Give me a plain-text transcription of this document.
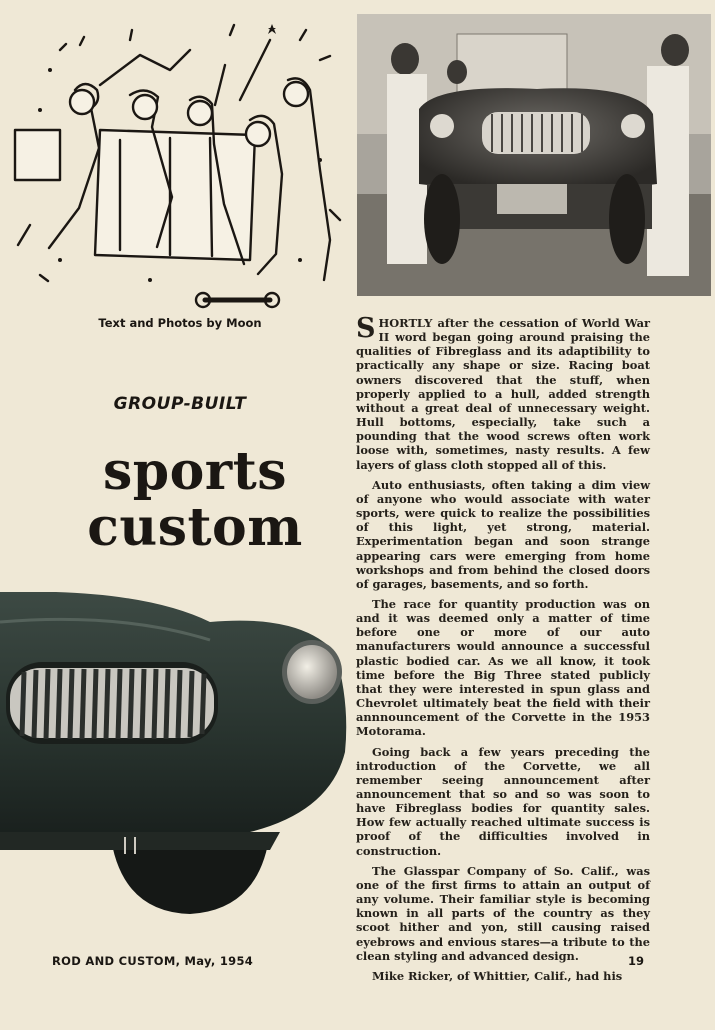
Text and Photos by Moon
GROUP-BUILT
sports
custom

SHORTLY after the cessation of World War II word began going around praising the qualities of Fibreglass and its adaptibility to practically any shape or size. Racing boat owners discovered that the stuff, when properly applied to a hull, added strength without a great deal of unnecessary weight. Hull bottoms, especially, take such a pounding that the wood screws often work loose with, sometimes, nasty results. A few layers of glass cloth stopped all of this.

Auto enthusiasts, often taking a dim view of anyone who would associate with water sports, were quick to realize the possibilities of this light, yet strong, material. Experimentation began and soon strange appearing cars were emerging from home workshops and from behind the closed doors of garages, basements, and so forth.

The race for quantity production was on and it was deemed only a matter of time before one or more of our auto manufacturers would announce a successful plastic bodied car. As we all know, it took time before the Big Three stated publicly that they were interested in spun glass and Chevrolet ultimately beat the field with their annnouncement of the Corvette in the 1953 Motorama.

Going back a few years preceding the introduction of the Corvette, we all remember seeing announcement after announcement that so and so was soon to have Fibreglass bodies for quantity sales. How few actually reached ultimate success is proof of the difficulties involved in construction.

The Glasspar Company of So. Calif., was one of the first firms to attain an output of any volume. Their familiar style is becoming known in all parts of the country as they scoot hither and yon, still causing raised eyebrows and envious stares—a tribute to the clean styling and advanced design.

Mike Ricker, of Whittier, Calif., had his

ROD AND CUSTOM, May, 1954	19
